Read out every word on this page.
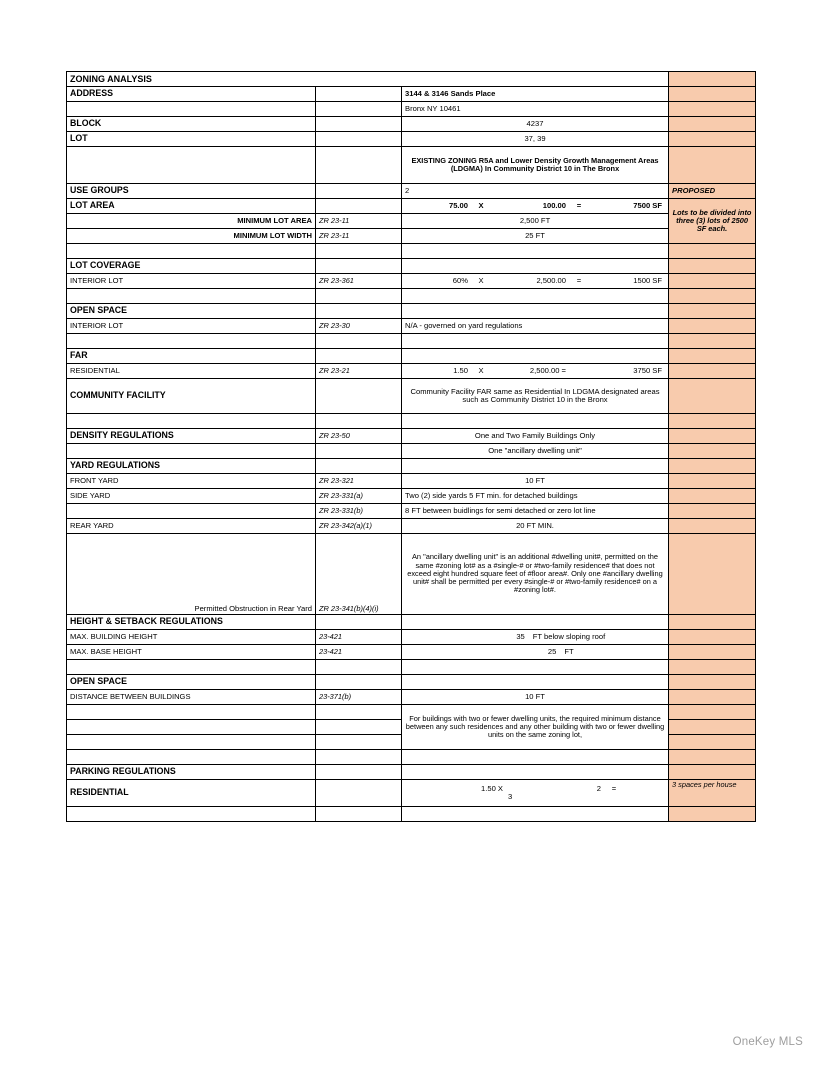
ZONING ANALYSIS			
ADDRESS		3144 & 3146 Sands Place	
		Bronx NY 10461	
BLOCK		4237	
LOT		37, 39	
		EXISTING ZONING R5A and Lower Density Growth Management Areas (LDGMA) In Community District 10 in The Bronx	
USE GROUPS		2	PROPOSED
LOT AREA		75.00 X 100.00 = 7500 SF	Lots to be divided into three (3) lots of 2500 SF each.
MINIMUM LOT AREA	ZR 23-11	2,500 FT	
MINIMUM LOT WIDTH	ZR 23-11	25 FT	

LOT COVERAGE			
INTERIOR LOT	ZR 23-361	60% X 2,500.00 = 1500 SF	

OPEN SPACE			
INTERIOR LOT	ZR 23-30	N/A - governed on yard regulations	

FAR			
RESIDENTIAL	ZR 23-21	1.50 X 2,500.00 = 3750 SF	
COMMUNITY FACILITY		Community Facility FAR same as Residential In LDGMA designated areas such as Community District 10 in the Bronx	

DENSITY REGULATIONS	ZR 23-50	One and Two Family Buildings Only	
		One "ancillary dwelling unit"	
YARD REGULATIONS			
FRONT YARD	ZR 23-321	10 FT	
SIDE YARD	ZR 23-331(a)	Two (2) side yards 5 FT min. for detached buildings	
	ZR 23-331(b)	8 FT between buidlings for semi detached or zero lot line	
REAR YARD	ZR 23-342(a)(1)	20 FT MIN.	
Permitted Obstruction in Rear Yard	ZR 23-341(b)(4)(i)	An "ancillary dwelling unit" is an additional #dwelling unit#, permitted on the same #zoning lot# as a #single-# or #two-family residence# that does not exceed eight hundred square feet of #floor area#. Only one #ancillary dwelling unit# shall be permitted per every #single-# or #two-family residence# on a #zoning lot#.	
HEIGHT & SETBACK REGULATIONS			
MAX. BUILDING HEIGHT	23-421	35 FT below sloping roof	
MAX. BASE HEIGHT	23-421	25 FT	

OPEN SPACE			
DISTANCE BETWEEN BUILDINGS	23-371(b)	10 FT	
		For buildings with two or fewer dwelling units, the required minimum distance between any such residences and any other building with two or fewer dwelling units on the same zoning lot,	

PARKING REGULATIONS			
RESIDENTIAL		1.50 X 2 =3	3 spaces per house

OneKey MLS
